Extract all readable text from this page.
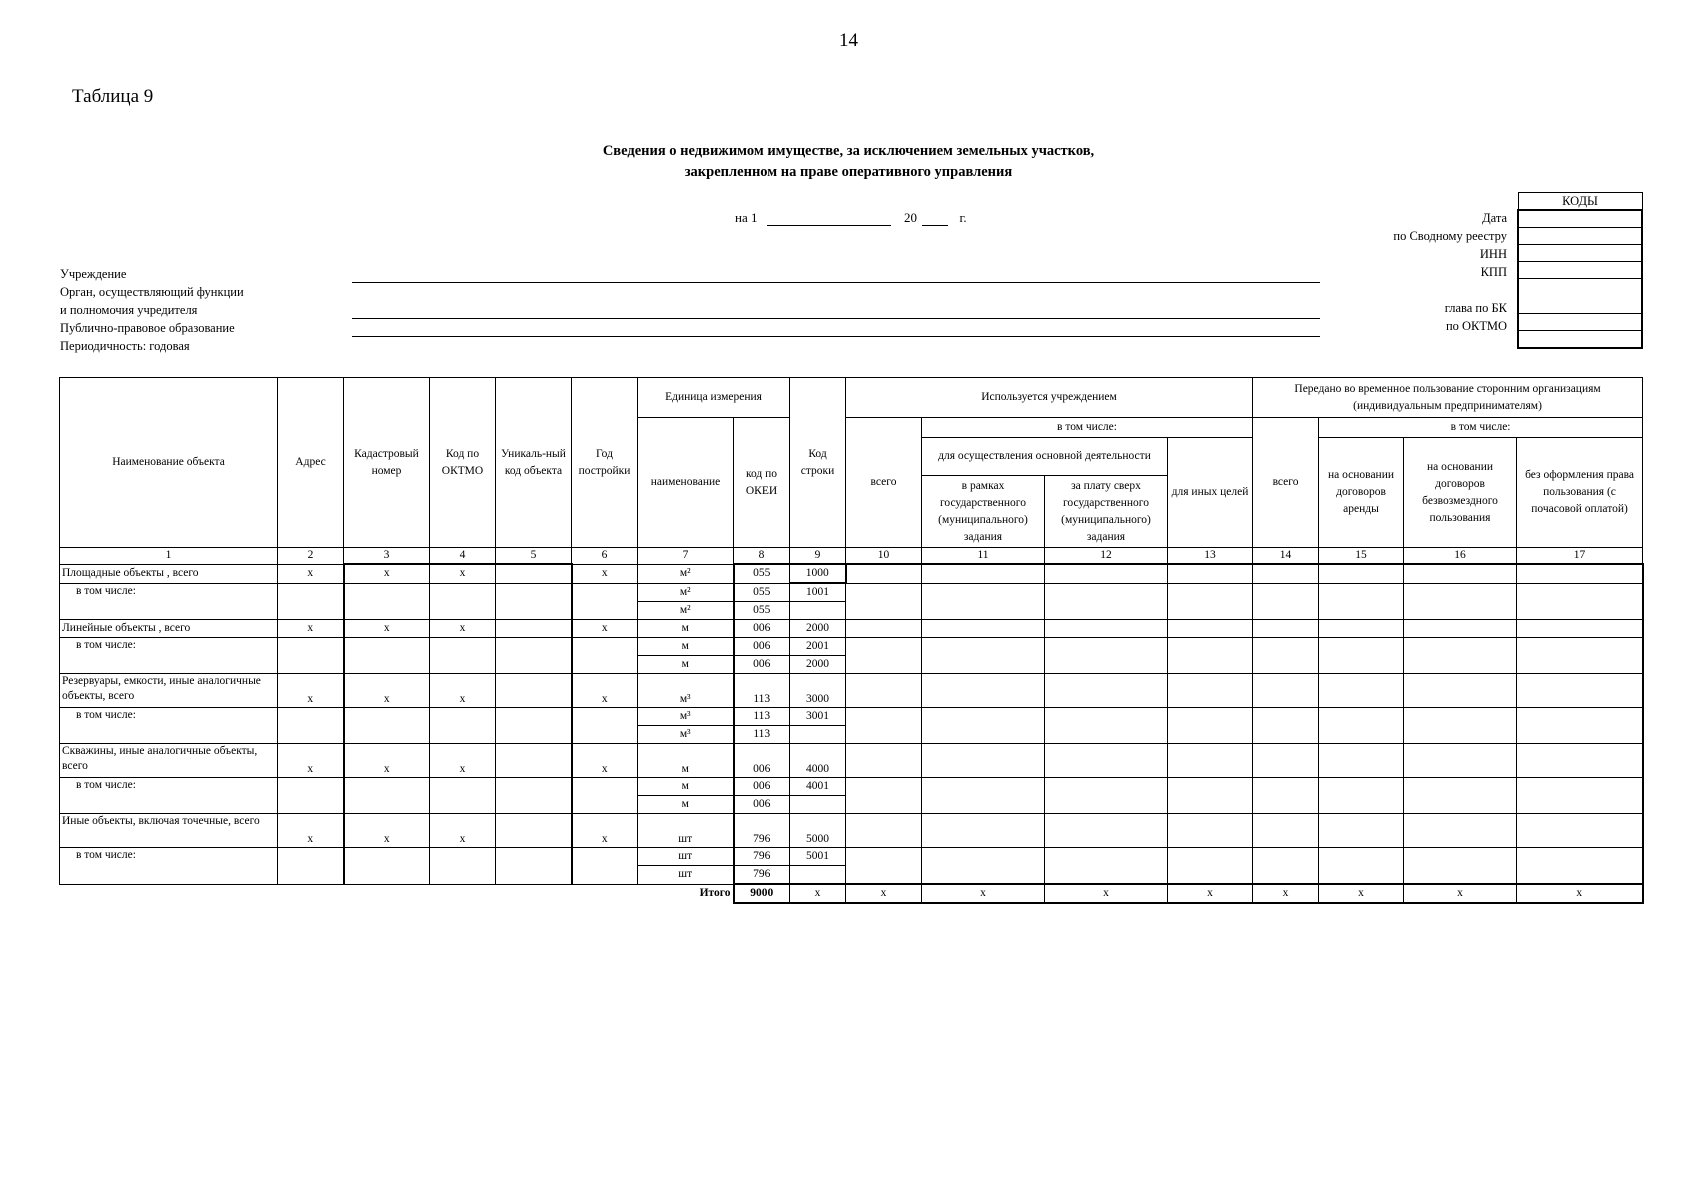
14
Таблица 9
Сведения о недвижимом имуществе, за исключением земельных участков,
закрепленном на праве оперативного управления
на 1	20	г.	Дата
по Сводному реестру
ИНН
КПП
глава по БК
по ОКТМО
КОДЫ

Учреждение
Орган, осуществляющий функции
и полномочия учредителя
Публично-правовое образование
Периодичность: годовая
Наименование объекта	Адрес	Кадастровый номер	Код по ОКТМО	Уникаль-ный код объекта	Год постройки	Единица измерения		Код строки	Используется учреждением				Передано во временное пользование сторонним организациям (индивидуальным предпринимателям)			
						наименование	код по ОКЕИ		всего	в том числе:			всего	в том числе:		
										для осуществления основной деятельности		для иных целей		на основании договоров аренды	на основании договоров безвозмездного пользования	без оформления права пользования (с почасовой оплатой)
										в рамках государственного (муниципального) задания	за плату сверх государственного (муниципального) задания					
1	2	3	4	5	6	7	8	9	10	11	12	13	14	15	16	17
Площадные объекты , всего	x	x	x		x	м²	055	1000								
в том числе:						м²	055	1001								
						м²	055									
Линейные объекты , всего	x	x	x		x	м	006	2000								
в том числе:						м	006	2001								
						м	006	2000								
Резервуары, емкости, иные аналогичные объекты, всего	x	x	x		x	м³	113	3000								
в том числе:						м³	113	3001								
						м³	113									
Скважины, иные аналогичные объекты, всего	x	x	x		x	м	006	4000								
в том числе:						м	006	4001								
						м	006									
Иные объекты, включая точечные, всего	x	x	x		x	шт	796	5000								
в том числе:						шт	796	5001								
						шт	796									
Итого							9000	x	x	x	x	x	x	x	x	x
